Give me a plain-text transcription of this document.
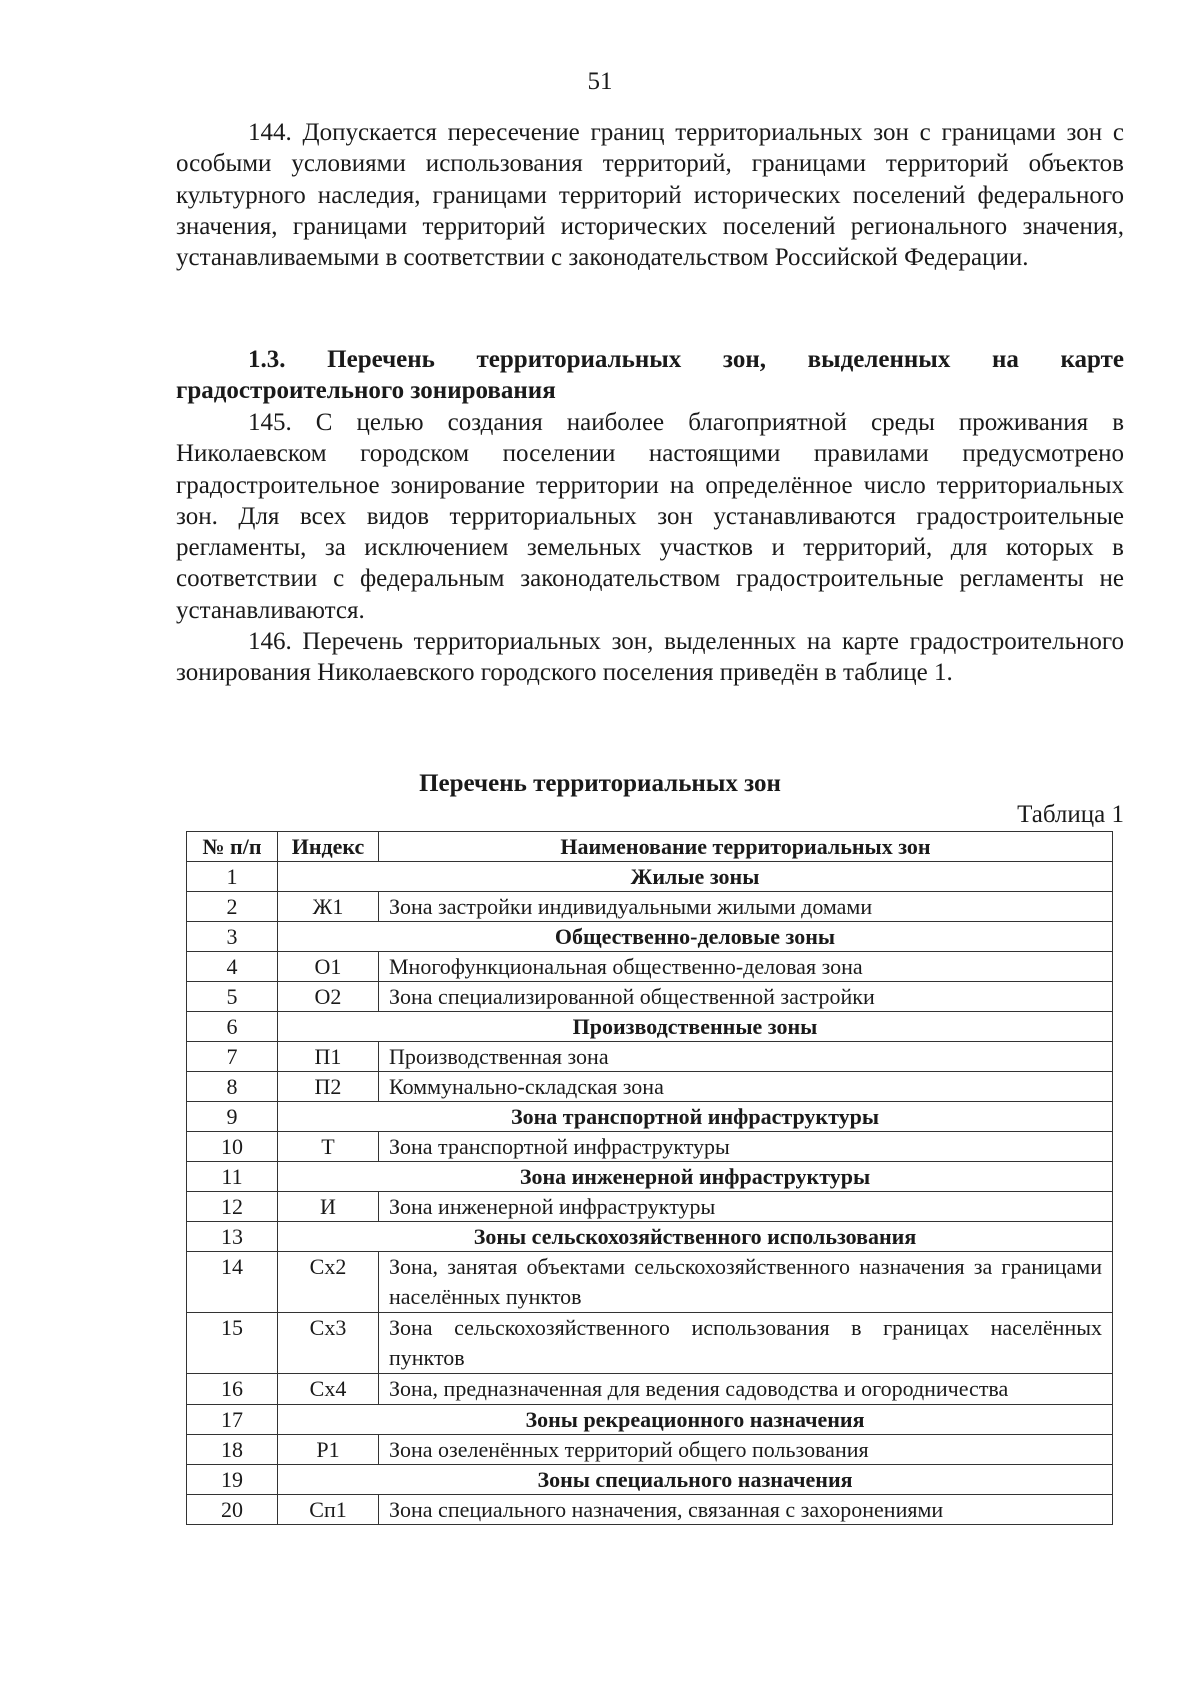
51

144. Допускается пересечение границ территориальных зон с границами зон с особыми условиями использования территорий, границами территорий объектов культурного наследия, границами территорий исторических поселений федерального значения, границами территорий исторических поселений регионального значения, устанавливаемыми в соответствии с законодательством Российской Федерации.

145. С целью создания наиболее благоприятной среды проживания в Николаевском городском поселении настоящими правилами предусмотрено градостроительное зонирование территории на определённое число территориальных зон. Для всех видов территориальных зон устанавливаются градостроительные регламенты, за исключением земельных участков и территорий, для которых в соответствии с федеральным законодательством градостроительные регламенты не устанавливаются.

146. Перечень территориальных зон, выделенных на карте градостроительного зонирования Николаевского городского поселения приведён в таблице 1.

1.3. Перечень территориальных зон, выделенных на карте градостроительного зонирования

Перечень территориальных зон
Таблица 1
№ п/п	Индекс	Наименование территориальных зон
1	Жилые зоны	
2	Ж1	Зона застройки индивидуальными жилыми домами
3	Общественно-деловые зоны	
4	О1	Многофункциональная общественно-деловая зона
5	О2	Зона специализированной общественной застройки
6	Производственные зоны	
7	П1	Производственная зона
8	П2	Коммунально-складская зона
9	Зона транспортной инфраструктуры	
10	Т	Зона транспортной инфраструктуры
11	Зона инженерной инфраструктуры	
12	И	Зона инженерной инфраструктуры
13	Зоны сельскохозяйственного использования	
14	Сх2	Зона, занятая объектами сельскохозяйственного назначения за границами населённых пунктов
15	Сх3	Зона сельскохозяйственного использования в границах населённых пунктов
16	Сх4	Зона, предназначенная для ведения садоводства и огородничества
17	Зоны рекреационного назначения	
18	Р1	Зона озеленённых территорий общего пользования
19	Зоны специального назначения	
20	Сп1	Зона специального назначения, связанная с захоронениями
